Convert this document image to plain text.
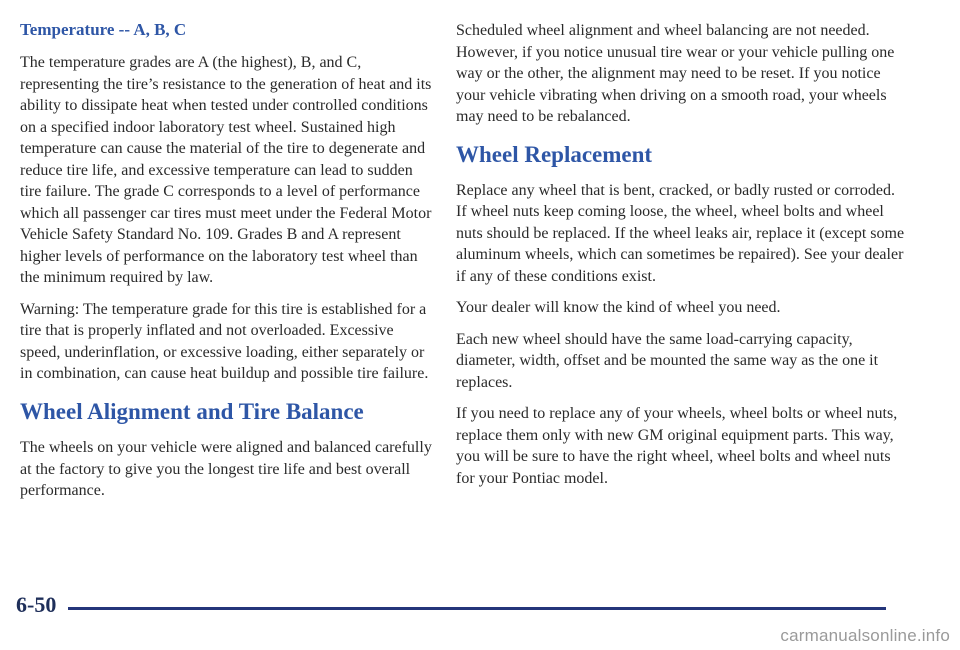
Temperature -- A, B, C

The temperature grades are A (the highest), B, and C, representing the tire’s resistance to the generation of heat and its ability to dissipate heat when tested under controlled conditions on a specified indoor laboratory test wheel. Sustained high temperature can cause the material of the tire to degenerate and reduce tire life, and excessive temperature can lead to sudden tire failure. The grade C corresponds to a level of performance which all passenger car tires must meet under the Federal Motor Vehicle Safety Standard No. 109. Grades B and A represent higher levels of performance on the laboratory test wheel than the minimum required by law.

Warning: The temperature grade for this tire is established for a tire that is properly inflated and not overloaded. Excessive speed, underinflation, or excessive loading, either separately or in combination, can cause heat buildup and possible tire failure.

Wheel Alignment and Tire Balance

The wheels on your vehicle were aligned and balanced carefully at the factory to give you the longest tire life and best overall performance.

Scheduled wheel alignment and wheel balancing are not needed. However, if you notice unusual tire wear or your vehicle pulling one way or the other, the alignment may need to be reset. If you notice your vehicle vibrating when driving on a smooth road, your wheels may need to be rebalanced.

Wheel Replacement

Replace any wheel that is bent, cracked, or badly rusted or corroded. If wheel nuts keep coming loose, the wheel, wheel bolts and wheel nuts should be replaced. If the wheel leaks air, replace it (except some aluminum wheels, which can sometimes be repaired). See your dealer if any of these conditions exist.

Your dealer will know the kind of wheel you need.

Each new wheel should have the same load-carrying capacity, diameter, width, offset and be mounted the same way as the one it replaces.

If you need to replace any of your wheels, wheel bolts or wheel nuts, replace them only with new GM original equipment parts. This way, you will be sure to have the right wheel, wheel bolts and wheel nuts for your Pontiac model.

6-50
carmanualsonline.info
